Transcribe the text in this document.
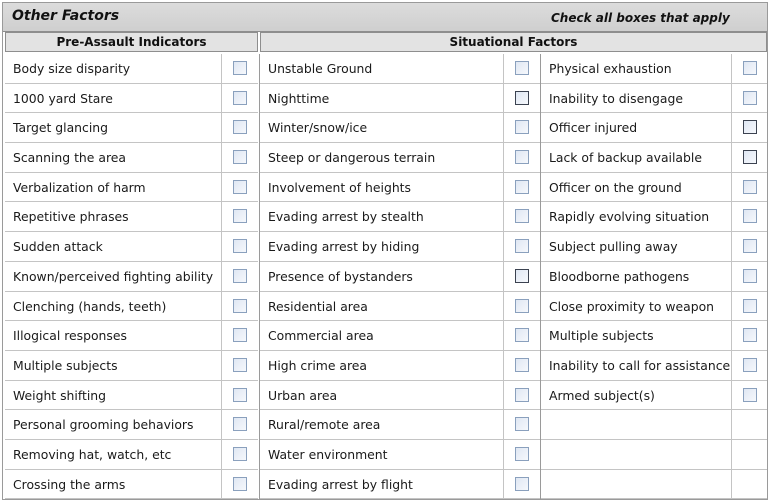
Other Factors	Check all boxes that apply
Pre-Assault Indicators	Situational Factors
Body size disparity
1000 yard Stare
Target glancing
Scanning the area
Verbalization of harm
Repetitive phrases
Sudden attack
Known/perceived fighting ability
Clenching (hands, teeth)
Illogical responses
Multiple subjects
Weight shifting
Personal grooming behaviors
Removing hat, watch, etc
Crossing the arms
Unstable Ground
Nighttime
Winter/snow/ice
Steep or dangerous terrain
Involvement of heights
Evading arrest by stealth
Evading arrest by hiding
Presence of bystanders
Residential area
Commercial area
High crime area
Urban area
Rural/remote area
Water environment
Evading arrest by flight
Physical exhaustion
Inability to disengage
Officer injured
Lack of backup available
Officer on the ground
Rapidly evolving situation
Subject pulling away
Bloodborne pathogens
Close proximity to weapon
Multiple subjects
Inability to call for assistance
Armed subject(s)
